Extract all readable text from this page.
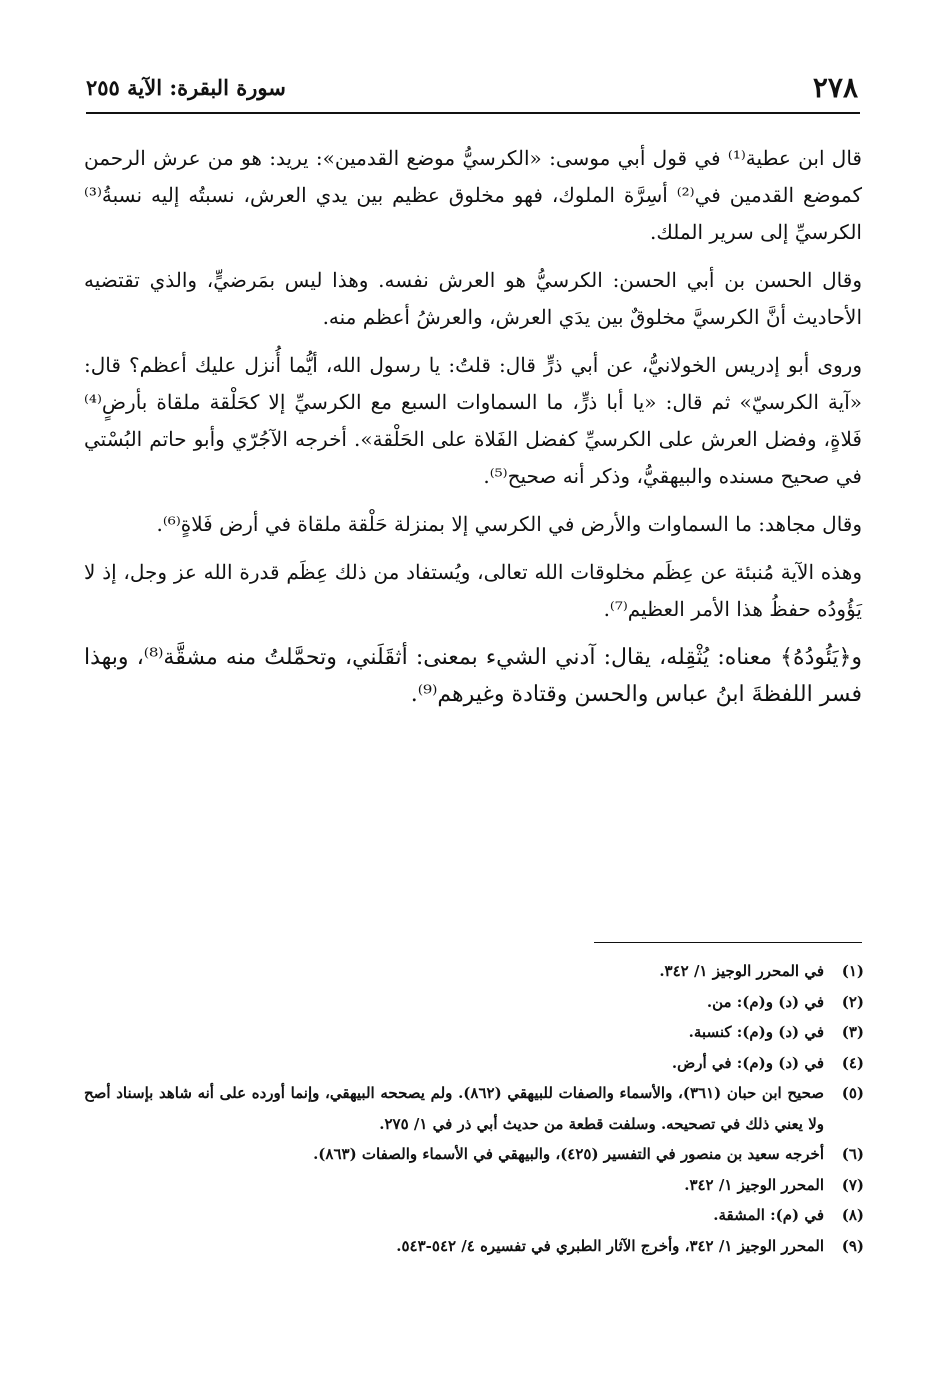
٢٧٨
سورة البقرة: الآية ٢٥٥

قال ابن عطية⁽¹⁾ في قول أبي موسى: «الكرسيُّ موضع القدمين»: يريد: هو من عرش الرحمن كموضع القدمين في⁽²⁾ أسِرَّة الملوك، فهو مخلوق عظيم بين يدي العرش، نسبتُه إليه نسبةُ⁽³⁾ الكرسيِّ إلى سرير الملك.

وقال الحسن بن أبي الحسن: الكرسيُّ هو العرش نفسه. وهذا ليس بمَرضيٍّ، والذي تقتضيه الأحاديث أنَّ الكرسيَّ مخلوقٌ بين يدَي العرش، والعرشُ أعظم منه.

وروى أبو إدريس الخولانيُّ، عن أبي ذرٍّ قال: قلتُ: يا رسول الله، أيُّما أُنزل عليك أعظم؟ قال: «آية الكرسيّ» ثم قال: «يا أبا ذرٍّ، ما السماوات السبع مع الكرسيِّ إلا كحَلْقة ملقاة بأرضٍ⁽⁴⁾ فَلاةٍ، وفضل العرش على الكرسيِّ كفضل الفَلاة على الحَلْقة». أخرجه الآجُرّي وأبو حاتم البُسْتي في صحيح مسنده والبيهقيُّ، وذكر أنه صحيح⁽⁵⁾.

وقال مجاهد: ما السماوات والأرض في الكرسي إلا بمنزلة حَلْقة ملقاة في أرض فَلاةٍ⁽⁶⁾.

وهذه الآية مُنبئة عن عِظَم مخلوقات الله تعالى، ويُستفاد من ذلك عِظَم قدرة الله عز وجل، إذ لا يَؤُودُه حفظُ هذا الأمر العظيم⁽⁷⁾.

و﴿يَئُودُهُ﴾ معناه: يُثْقِله، يقال: آدني الشيء بمعنى: أثقَلَني، وتحمَّلتُ منه مشقَّة⁽⁸⁾، وبهذا فسر اللفظةَ ابنُ عباس والحسن وقتادة وغيرهم⁽⁹⁾.

(١)
في المحرر الوجيز ١/ ٣٤٢.
(٢)
في (د) و(م): من.
(٣)
في (د) و(م): كنسبة.
(٤)
في (د) و(م): في أرض.
(٥)
صحيح ابن حبان (٣٦١)، والأسماء والصفات للبيهقي (٨٦٢). ولم يصححه البيهقي، وإنما أورده على أنه شاهد بإسناد أصح ولا يعني ذلك في تصحيحه. وسلفت قطعة من حديث أبي ذر في ١/ ٢٧٥.
(٦)
أخرجه سعيد بن منصور في التفسير (٤٢٥)، والبيهقي في الأسماء والصفات (٨٦٣).
(٧)
المحرر الوجيز ١/ ٣٤٢.
(٨)
في (م): المشقة.
(٩)
المحرر الوجيز ١/ ٣٤٢، وأخرج الآثار الطبري في تفسيره ٤/ ٥٤٢-٥٤٣.
